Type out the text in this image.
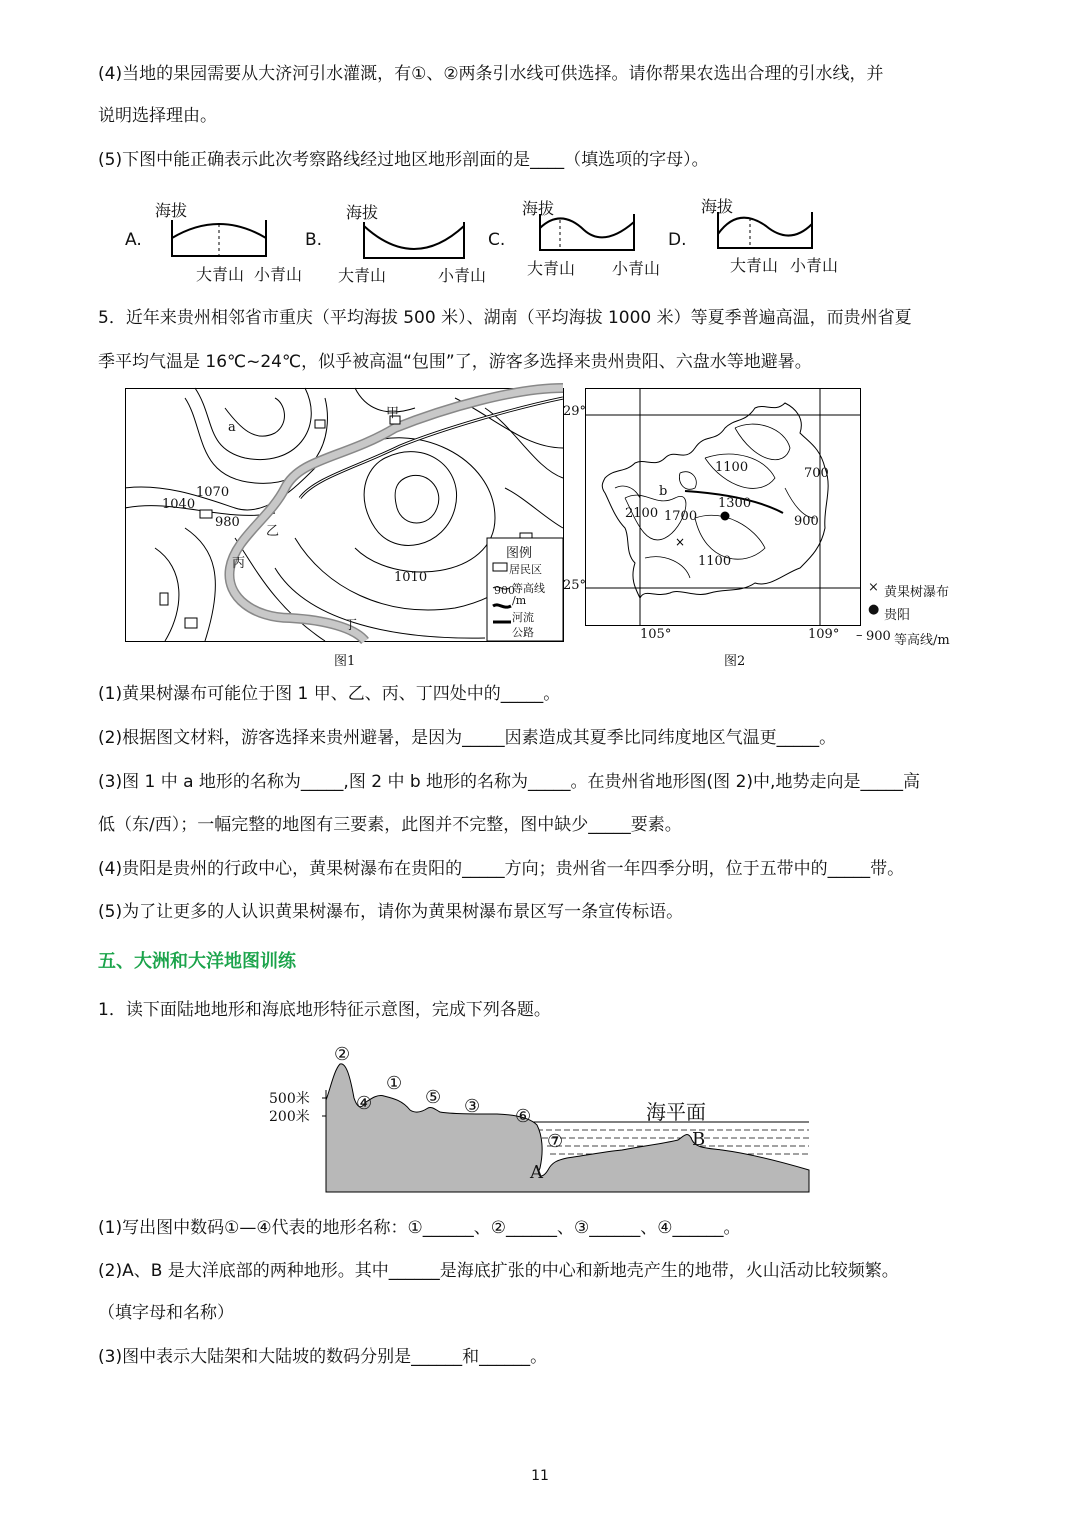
(4)当地的果园需要从大济河引水灌溉，有①、②两条引水线可供选择。请你帮果农选出合理的引水线，并
说明选择理由。
(5)下图中能正确表示此次考察路线经过地区地形剖面的是____（填选项的字母）。
A.
海拔
大青山 小青山
B.
海拔
大青山	小青山
C.
海拔
大青山 小青山
D.
海拔
大青山 小青山
5．近年来贵州相邻省市重庆（平均海拔 500 米）、湖南（平均海拔 1000 米）等夏季普遍高温，而贵州省夏
季平均气温是 16℃~24℃，似乎被高温“包围”了，游客多选择来贵州贵阳、六盘水等地避暑。
a
甲
乙
丙
丁
1070
1040
980
1010
图例
居民区
900
等高线
/m
河流
公路
图1
×
29°
25°
105°	109°
b
1100	700
1300
900
2100 1700
1100
图2
× 黄果树瀑布
● 贵阳
– 900 等高线/m
(1)黄果树瀑布可能位于图 1 甲、乙、丙、丁四处中的_____。
(2)根据图文材料，游客选择来贵州避暑，是因为_____因素造成其夏季比同纬度地区气温更_____。
(3)图 1 中 a 地形的名称为_____,图 2 中 b 地形的名称为_____。在贵州省地形图(图 2)中,地势走向是_____高
低（东/西）；一幅完整的地图有三要素，此图并不完整，图中缺少_____要素。
(4)贵阳是贵州的行政中心，黄果树瀑布在贵阳的_____方向；贵州省一年四季分明，位于五带中的_____带。
(5)为了让更多的人认识黄果树瀑布，请你为黄果树瀑布景区写一条宣传标语。
五、大洲和大洋地图训练
1．读下面陆地地形和海底地形特征示意图，完成下列各题。
500米
200米	海平面
②
①
④	⑤ ③ ⑥
⑦
A
B
(1)写出图中数码①—④代表的地形名称：①______、②______、③______、④______。
(2)A、B 是大洋底部的两种地形。其中______是海底扩张的中心和新地壳产生的地带，火山活动比较频繁。
（填字母和名称）
(3)图中表示大陆架和大陆坡的数码分别是______和______。
11
